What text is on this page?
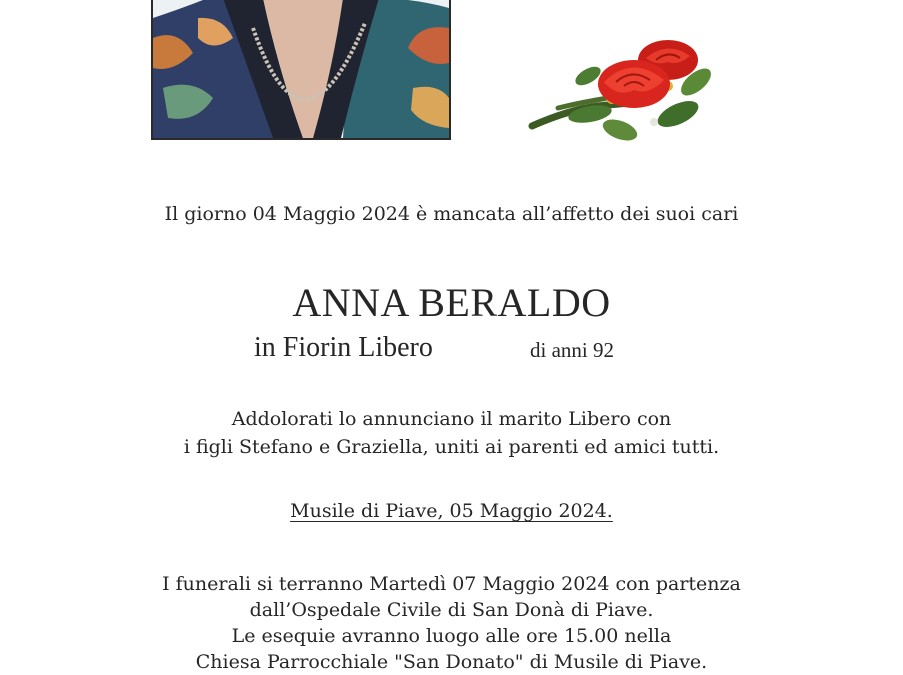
Il giorno 04 Maggio 2024 è mancata all’affetto dei suoi cari
ANNA BERALDO
in Fiorin Libero	di anni 92
Addolorati lo annunciano il marito Libero con
i figli Stefano e Graziella, uniti ai parenti ed amici tutti.
Musile di Piave, 05 Maggio 2024.
I funerali si terranno Martedì 07 Maggio 2024 con partenza
dall’Ospedale Civile di San Donà di Piave.
Le esequie avranno luogo alle ore 15.00 nella
Chiesa Parrocchiale "San Donato" di Musile di Piave.
